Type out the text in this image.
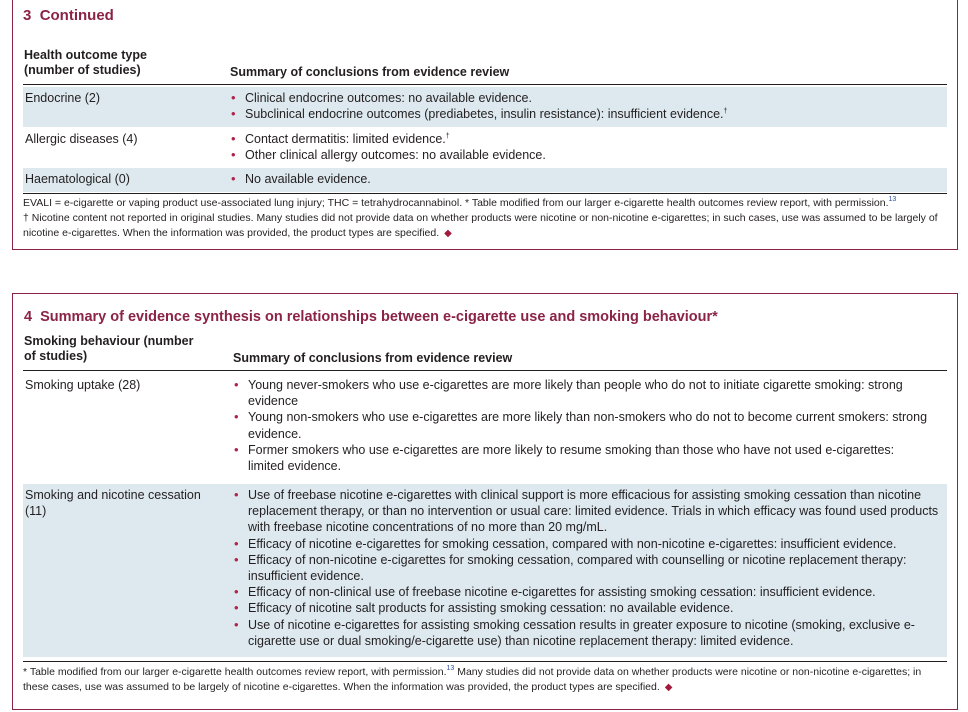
3 Continued
Health outcome type
(number of studies)	Summary of conclusions from evidence review
Endocrine (2)	• Clinical endocrine outcomes: no available evidence.
• Subclinical endocrine outcomes (prediabetes, insulin resistance): insufficient evidence.†
Allergic diseases (4)	• Contact dermatitis: limited evidence.†
• Other clinical allergy outcomes: no available evidence.
Haematological (0)	• No available evidence.
EVALI = e-cigarette or vaping product use-associated lung injury; THC = tetrahydrocannabinol. * Table modified from our larger e-cigarette health outcomes review report, with permission.$^{13}$
† Nicotine content not reported in original studies. Many studies did not provide data on whether products were nicotine or non-nicotine e-cigarettes; in such cases, use was assumed to be largely of nicotine e-cigarettes. When the information was provided, the product types are specified. ◆
4 Summary of evidence synthesis on relationships between e-cigarette use and smoking behaviour*
Smoking behaviour (number
of studies)	Summary of conclusions from evidence review
Smoking uptake (28)	• Young never-smokers who use e-cigarettes are more likely than people who do not to initiate cigarette smoking: strong evidence
• Young non-smokers who use e-cigarettes are more likely than non-smokers who do not to become current smokers: strong evidence.
• Former smokers who use e-cigarettes are more likely to resume smoking than those who have not used e-cigarettes: limited evidence.
Smoking and nicotine cessation
(11)
• Use of freebase nicotine e-cigarettes with clinical support is more efficacious for assisting smoking cessation than nicotine replacement therapy, or than no intervention or usual care: limited evidence. Trials in which efficacy was found used products with freebase nicotine concentrations of no more than 20 mg/mL.
• Efficacy of nicotine e-cigarettes for smoking cessation, compared with non-nicotine e-cigarettes: insufficient evidence.
• Efficacy of non-nicotine e-cigarettes for smoking cessation, compared with counselling or nicotine replacement therapy: insufficient evidence.
• Efficacy of non-clinical use of freebase nicotine e-cigarettes for assisting smoking cessation: insufficient evidence.
• Efficacy of nicotine salt products for assisting smoking cessation: no available evidence.
• Use of nicotine e-cigarettes for assisting smoking cessation results in greater exposure to nicotine (smoking, exclusive e-cigarette use or dual smoking/e-cigarette use) than nicotine replacement therapy: limited evidence.
* Table modified from our larger e-cigarette health outcomes review report, with permission.$^{13}$ Many studies did not provide data on whether products were nicotine or non-nicotine e-cigarettes; in these cases, use was assumed to be largely of nicotine e-cigarettes. When the information was provided, the product types are specified. ◆
